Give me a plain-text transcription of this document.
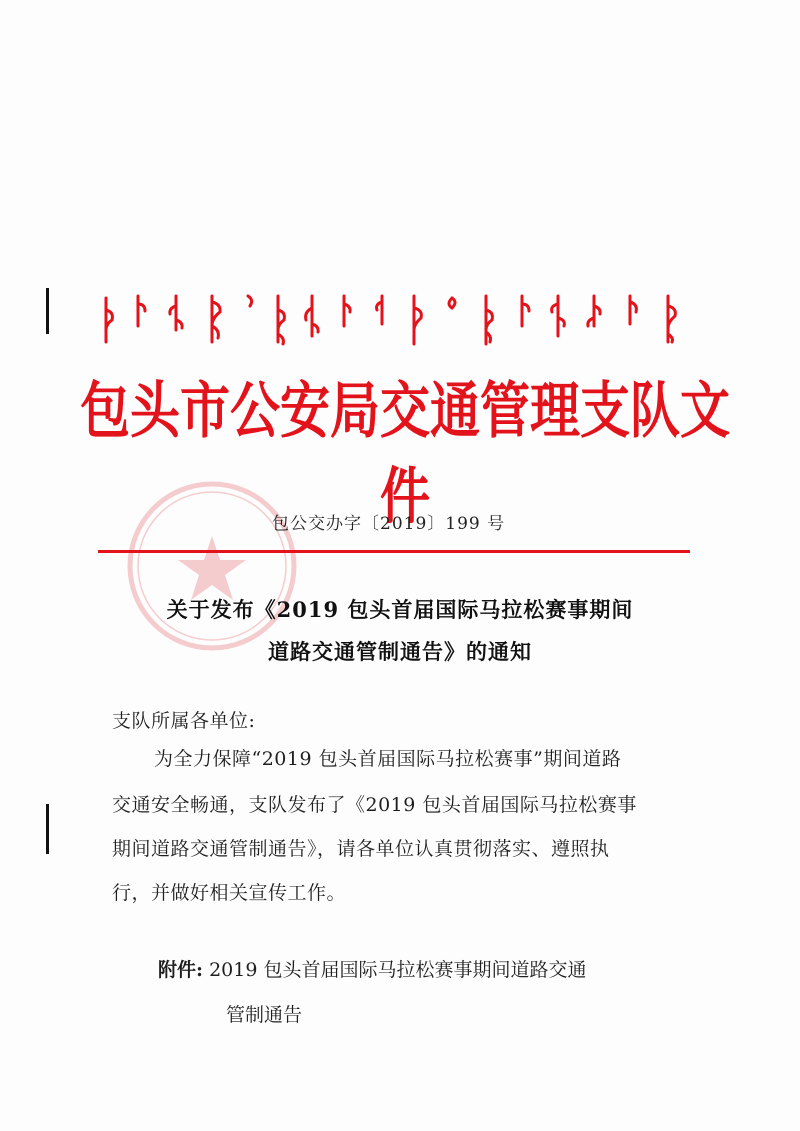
包头市公安局交通管理支队文件
包公交办字〔2019〕199 号
关于发布《2019 包头首届国际马拉松赛事期间
道路交通管制通告》的通知
支队所属各单位:
为全力保障“2019 包头首届国际马拉松赛事”期间道路
交通安全畅通，支队发布了《2019 包头首届国际马拉松赛事
期间道路交通管制通告》，请各单位认真贯彻落实、遵照执
行，并做好相关宣传工作。
附件: 2019 包头首届国际马拉松赛事期间道路交通
管制通告
